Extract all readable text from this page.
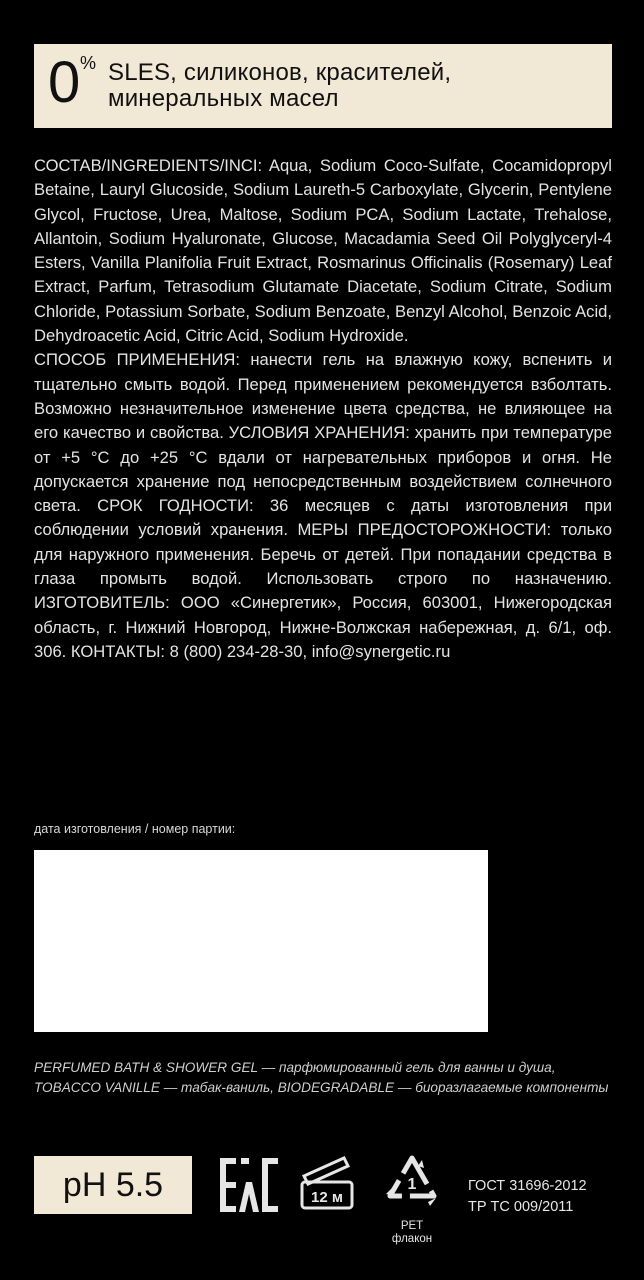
0 % SLES, силиконов, красителей, минеральных масел

СОСТАВ/INGREDIENTS/INCI: Aqua, Sodium Coco-Sulfate, Cocamidopropyl Betaine, Lauryl Glucoside, Sodium Laureth-5 Carboxylate, Glycerin, Pentylene Glycol, Fructose, Urea, Maltose, Sodium PCA, Sodium Lactate, Trehalose, Allantoin, Sodium Hyaluronate, Glucose, Macadamia Seed Oil Polyglyceryl-4 Esters, Vanilla Planifolia Fruit Extract, Rosmarinus Officinalis (Rosemary) Leaf Extract, Parfum, Tetrasodium Glutamate Diacetate, Sodium Citrate, Sodium Chloride, Potassium Sorbate, Sodium Benzoate, Benzyl Alcohol, Benzoic Acid, Dehydroacetic Acid, Citric Acid, Sodium Hydroxide.

СПОСОБ ПРИМЕНЕНИЯ: нанести гель на влажную кожу, вспенить и тщательно смыть водой. Перед применением рекомендуется взболтать. Возможно незначительное изменение цвета средства, не влияющее на его качество и свойства. УСЛОВИЯ ХРАНЕНИЯ: хранить при температуре от +5 °С до +25 °С вдали от нагревательных приборов и огня. Не допускается хранение под непосредственным воздействием солнечного света. СРОК ГОДНОСТИ: 36 месяцев с даты изготовления при соблюдении условий хранения. МЕРЫ ПРЕДОСТОРОЖНОСТИ: только для наружного применения. Беречь от детей. При попадании средства в глаза промыть водой. Использовать строго по назначению. ИЗГОТОВИТЕЛЬ: ООО «Синергетик», Россия, 603001, Нижегородская область, г. Нижний Новгород, Нижне-Волжская набережная, д. 6/1, оф. 306. КОНТАКТЫ: 8 (800) 234-28-30, info@synergetic.ru

дата изготовления / номер партии:
PERFUMED BATH & SHOWER GEL — парфюмированный гель для ванны и душа, TOBACCO VANILLE — табак-ваниль, BIODEGRADABLE — биоразлагаемые компоненты
pH 5.5	12 м
1
PET
флакон
ГОСТ 31696-2012
ТР ТС 009/2011
